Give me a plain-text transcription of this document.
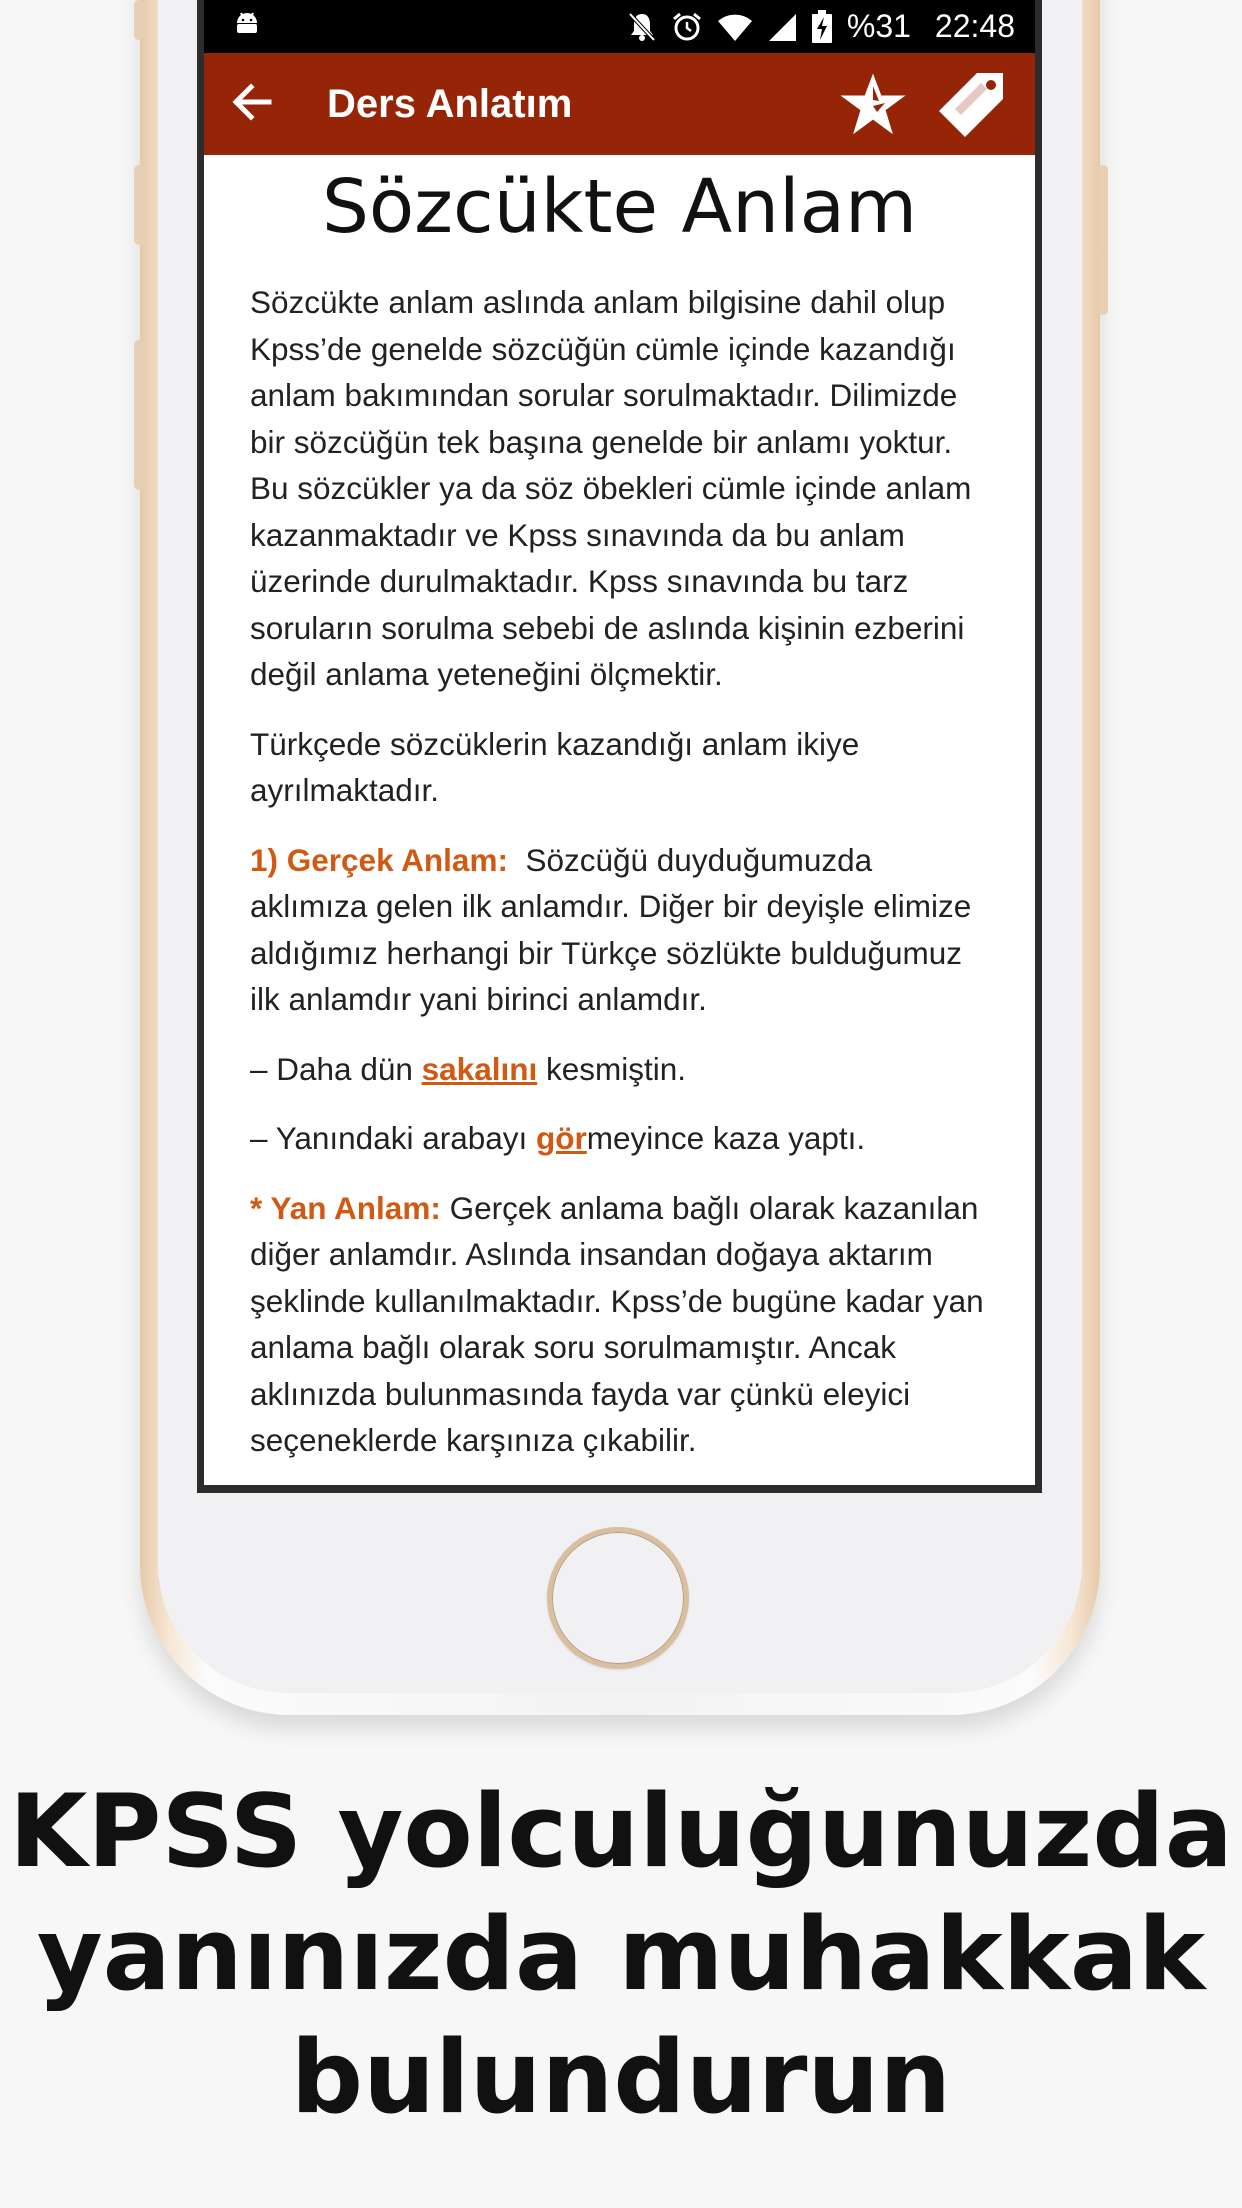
%31 22:48
Ders Anlatım
Sözcükte Anlam

Sözcükte anlam aslında anlam bilgisine dahil olup Kpss’de genelde sözcüğün cümle içinde kazandığı anlam bakımından sorular sorulmaktadır. Dilimizde bir sözcüğün tek başına genelde bir anlamı yoktur. Bu sözcükler ya da söz öbekleri cümle içinde anlam kazanmaktadır ve Kpss sınavında da bu anlam üzerinde durulmaktadır. Kpss sınavında bu tarz soruların sorulma sebebi de aslında kişinin ezberini değil anlama yeteneğini ölçmektir.

Türkçede sözcüklerin kazandığı anlam ikiye ayrılmaktadır.

1) Gerçek Anlam: Sözcüğü duyduğumuzda aklımıza gelen ilk anlamdır. Diğer bir deyişle elimize aldığımız herhangi bir Türkçe sözlükte bulduğumuz ilk anlamdır yani birinci anlamdır.

– Daha dün sakalını kesmiştin.

– Yanındaki arabayı görmeyince kaza yaptı.

* Yan Anlam: Gerçek anlama bağlı olarak kazanılan diğer anlamdır. Aslında insandan doğaya aktarım şeklinde kullanılmaktadır. Kpss’de bugüne kadar yan anlama bağlı olarak soru sorulmamıştır. Ancak aklınızda bulunmasında fayda var çünkü eleyici seçeneklerde karşınıza çıkabilir.

KPSS yolculuğunuzda
yanınızda muhakkak
bulundurun
